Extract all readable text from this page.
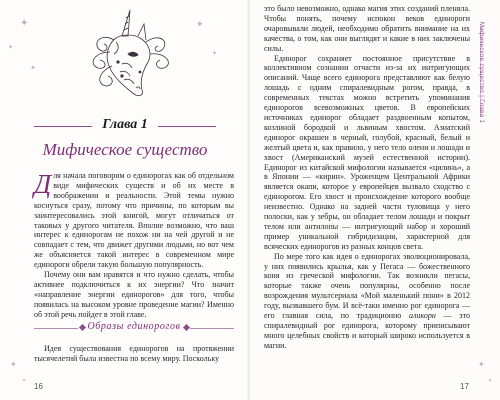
✦
✦
✦
✦
✦
Глава 1
Мифическое существо

Для начала поговорим о единорогах как об отдельном виде мифических существ и об их месте в воображении и реальности. Этой темы нужно коснуться сразу, потому что причины, по которым вы заинтересовались этой книгой, могут отличаться от таковых у другого читателя. Вполне возможно, что ваш интерес к единорогам не похож ни на чей другой и не совпадает с тем, что движет другими людьми, но вот чем же объясняется такой интерес в современном мире единороги обрели такую большую популярность.

Почему они вам нравятся и что нужно сделать, чтобы активнее подключиться к их энергии? Что значит «направление энергии единорогов» для того, чтобы появилась на высоком уровне проведение магии? Именно об этой речь пойдет в этой главе.

Образы единорогов

Идея существования единорогов на протяжении тысячелетий была известна по всему миру. Поскольку

✦
✦
16

это было невозможно, однако магия этих созданий пленяла. Чтобы понять, почему испокон веков единороги очаровывали людей, необходимо обратить внимание на их качества, о том, как они выглядят и какие в них заключены силы.

Единорог сохраняет постоянное присутствие в коллективном сознании отчасти из-за их интригующих описаний. Чаще всего единорога представляют как белую лошадь с одним спиралевидным рогом, правда, в современных текстах можно встретить упоминания единорогов всевозможных цветов. В европейских источниках единорог обладает раздвоенным копытом, козлиной бородкой и львиным хвостом. Азиатский единорог окрашен в черный, голубой, красный, белый и желтый цвета и, как правило, у него тело олени и лошади и хвост (Американский музей естественной истории). Единорог из китайской мифологии называется «цилинь», а в Японии — «кирин». Уроженцем Центральной Африки является окапи, которое у европейцев вызвало сходство с единорогом. Его хвост и происхождение которого вообще неизвестно. Однако на задней части туловища у него полоски, как у зебры, он обладает телом лошади и покрыт телом или антилопы — интригующий набор и хороший пример уникальной гибридизации, характерной для всяческих единорогов из разных концов света.

По мере того как идея о единорогах эволюционировала, у них появились крылья, как у Пегаса — божественного коня из греческой мифологии. Так возникли пегасы, которые также очень популярны, особенно после возрождения мультсериала «Мой маленький пони» в 2012 году, вызвавшего бум. И всё-таки именно рог единорога — его главная сила, по традиционно аликорн — это спиралевидный рог единорога, которому приписывают много целебных свойств и который широко используется в магии.

Мифическое существо | Глава 1
✦
✦
17
